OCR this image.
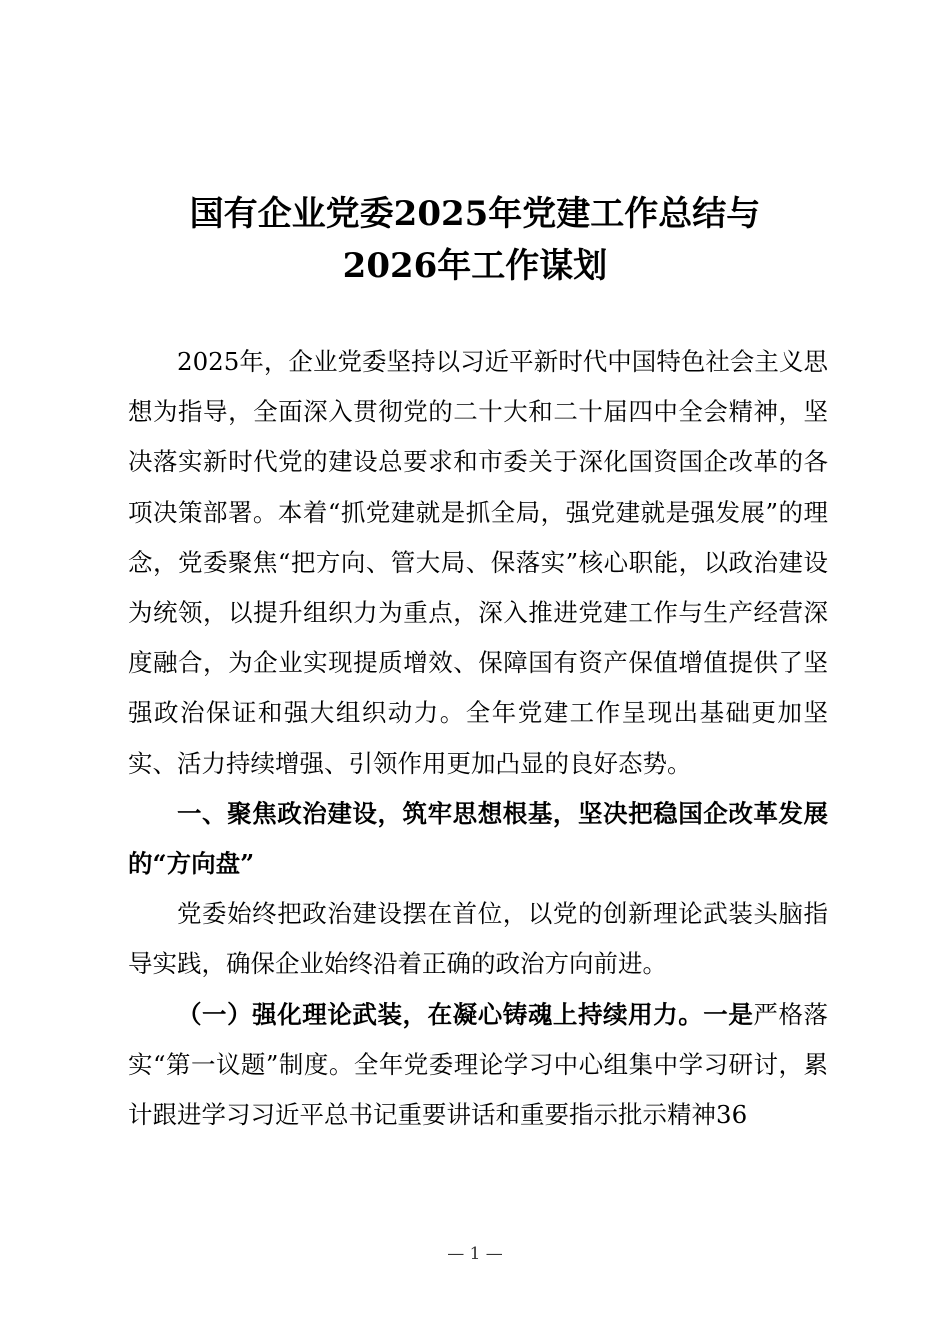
国有企业党委2025年党建工作总结与
2026年工作谋划

2025年，企业党委坚持以习近平新时代中国特色社会主义思想为指导，全面深入贯彻党的二十大和二十届四中全会精神，坚决落实新时代党的建设总要求和市委关于深化国资国企改革的各项决策部署。本着“抓党建就是抓全局，强党建就是强发展”的理念，党委聚焦“把方向、管大局、保落实”核心职能，以政治建设为统领，以提升组织力为重点，深入推进党建工作与生产经营深度融合，为企业实现提质增效、保障国有资产保值增值提供了坚强政治保证和强大组织动力。全年党建工作呈现出基础更加坚实、活力持续增强、引领作用更加凸显的良好态势。

一、聚焦政治建设，筑牢思想根基，坚决把稳国企改革发展的“方向盘”

党委始终把政治建设摆在首位，以党的创新理论武装头脑指导实践，确保企业始终沿着正确的政治方向前进。

（一）强化理论武装，在凝心铸魂上持续用力。一是严格落实“第一议题”制度。全年党委理论学习中心组集中学习研讨，累计跟进学习习近平总书记重要讲话和重要指示批示精神36

— 1 —
